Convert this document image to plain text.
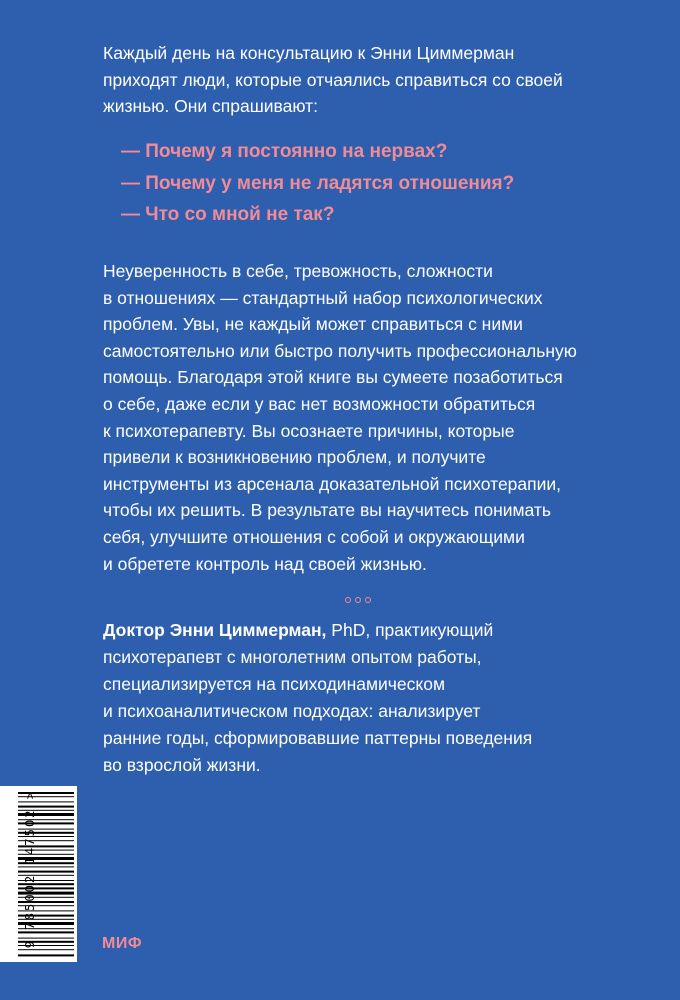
Каждый день на консультацию к Энни Циммерман

приходят люди, которые отчаялись справиться со своей

жизнью. Они спрашивают:

— Почему я постоянно на нервах?
— Почему у меня не ладятся отношения?
— Что со мной не так?
Неуверенность в себе, тревожность, сложности
в отношениях — стандартный набор психологических
проблем. Увы, не каждый может справиться с ними
самостоятельно или быстро получить профессиональную
помощь. Благодаря этой книге вы сумеете позаботиться
о себе, даже если у вас нет возможности обратиться
к психотерапевту. Вы осознаете причины, которые
привели к возникновению проблем, и получите
инструменты из арсенала доказательной психотерапии,
чтобы их решить. В результате вы научитесь понимать
себя, улучшите отношения с собой и окружающими
и обретете контроль над своей жизнью.
Доктор Энни Циммерман, PhD, практикующий
психотерапевт с многолетним опытом работы,
специализируется на психодинамическом
и психоаналитическом подходах: анализирует
ранние годы, сформировавшие паттерны поведения
во взрослой жизни.
9 785002 147502 >	МИФ
